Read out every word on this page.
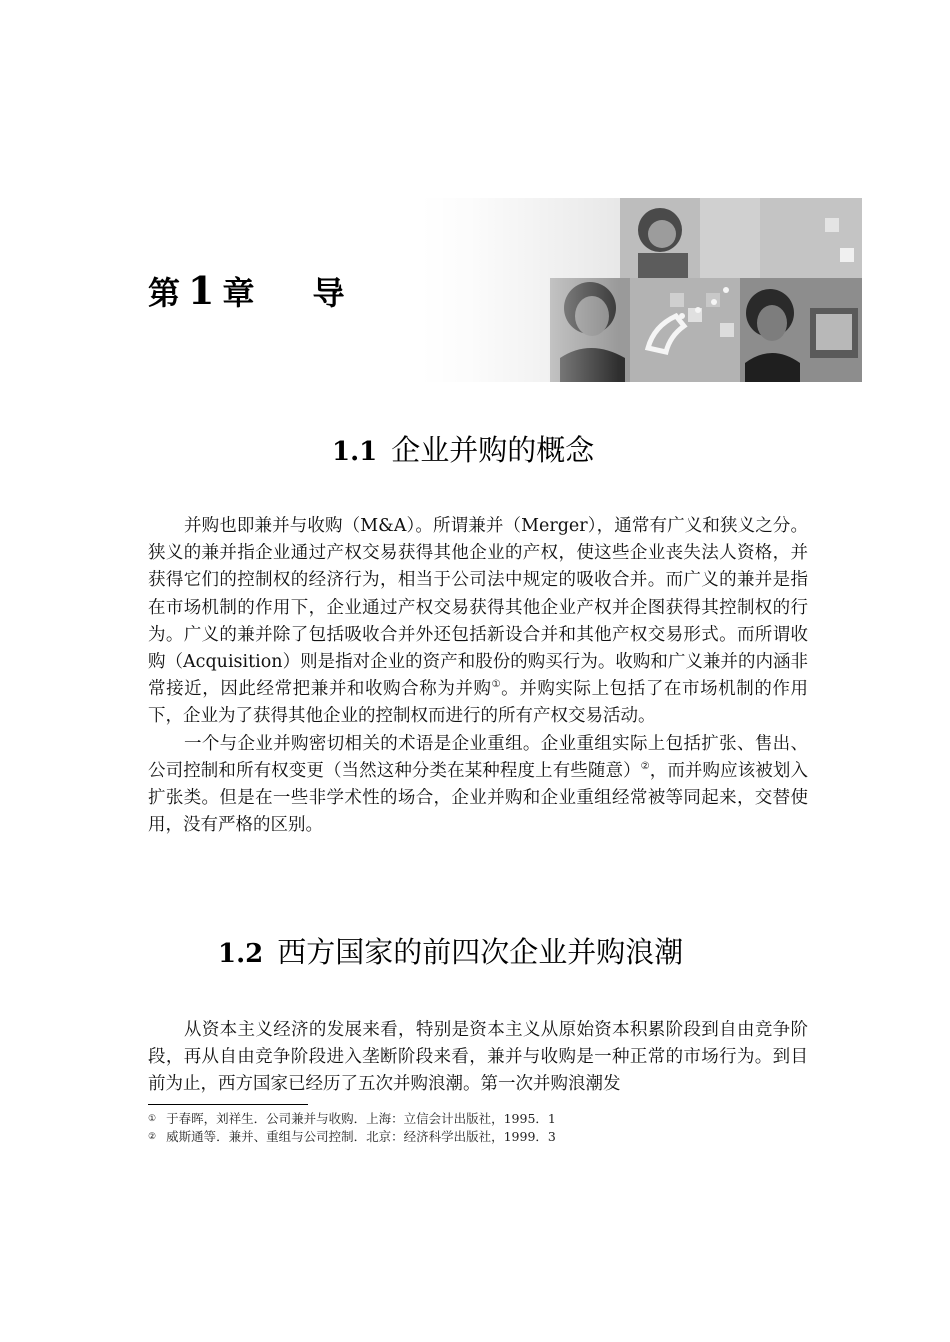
第 1 章 导
1.1 企业并购的概念

并购也即兼并与收购（M&A）。所谓兼并（Merger），通常有广义和狭义之分。狭义的兼并指企业通过产权交易获得其他企业的产权，使这些企业丧失法人资格，并获得它们的控制权的经济行为，相当于公司法中规定的吸收合并。而广义的兼并是指在市场机制的作用下，企业通过产权交易获得其他企业产权并企图获得其控制权的行为。广义的兼并除了包括吸收合并外还包括新设合并和其他产权交易形式。而所谓收购（Acquisition）则是指对企业的资产和股份的购买行为。收购和广义兼并的内涵非常接近，因此经常把兼并和收购合称为并购①。并购实际上包括了在市场机制的作用下，企业为了获得其他企业的控制权而进行的所有产权交易活动。

一个与企业并购密切相关的术语是企业重组。企业重组实际上包括扩张、售出、公司控制和所有权变更（当然这种分类在某种程度上有些随意）②，而并购应该被划入扩张类。但是在一些非学术性的场合，企业并购和企业重组经常被等同起来，交替使用，没有严格的区别。

1.2 西方国家的前四次企业并购浪潮

从资本主义经济的发展来看，特别是资本主义从原始资本积累阶段到自由竞争阶段，再从自由竞争阶段进入垄断阶段来看，兼并与收购是一种正常的市场行为。到目前为止，西方国家已经历了五次并购浪潮。第一次并购浪潮发

① 于春晖，刘祥生．公司兼并与收购．上海：立信会计出版社，1995．1
② 威斯通等．兼并、重组与公司控制．北京：经济科学出版社，1999．3
